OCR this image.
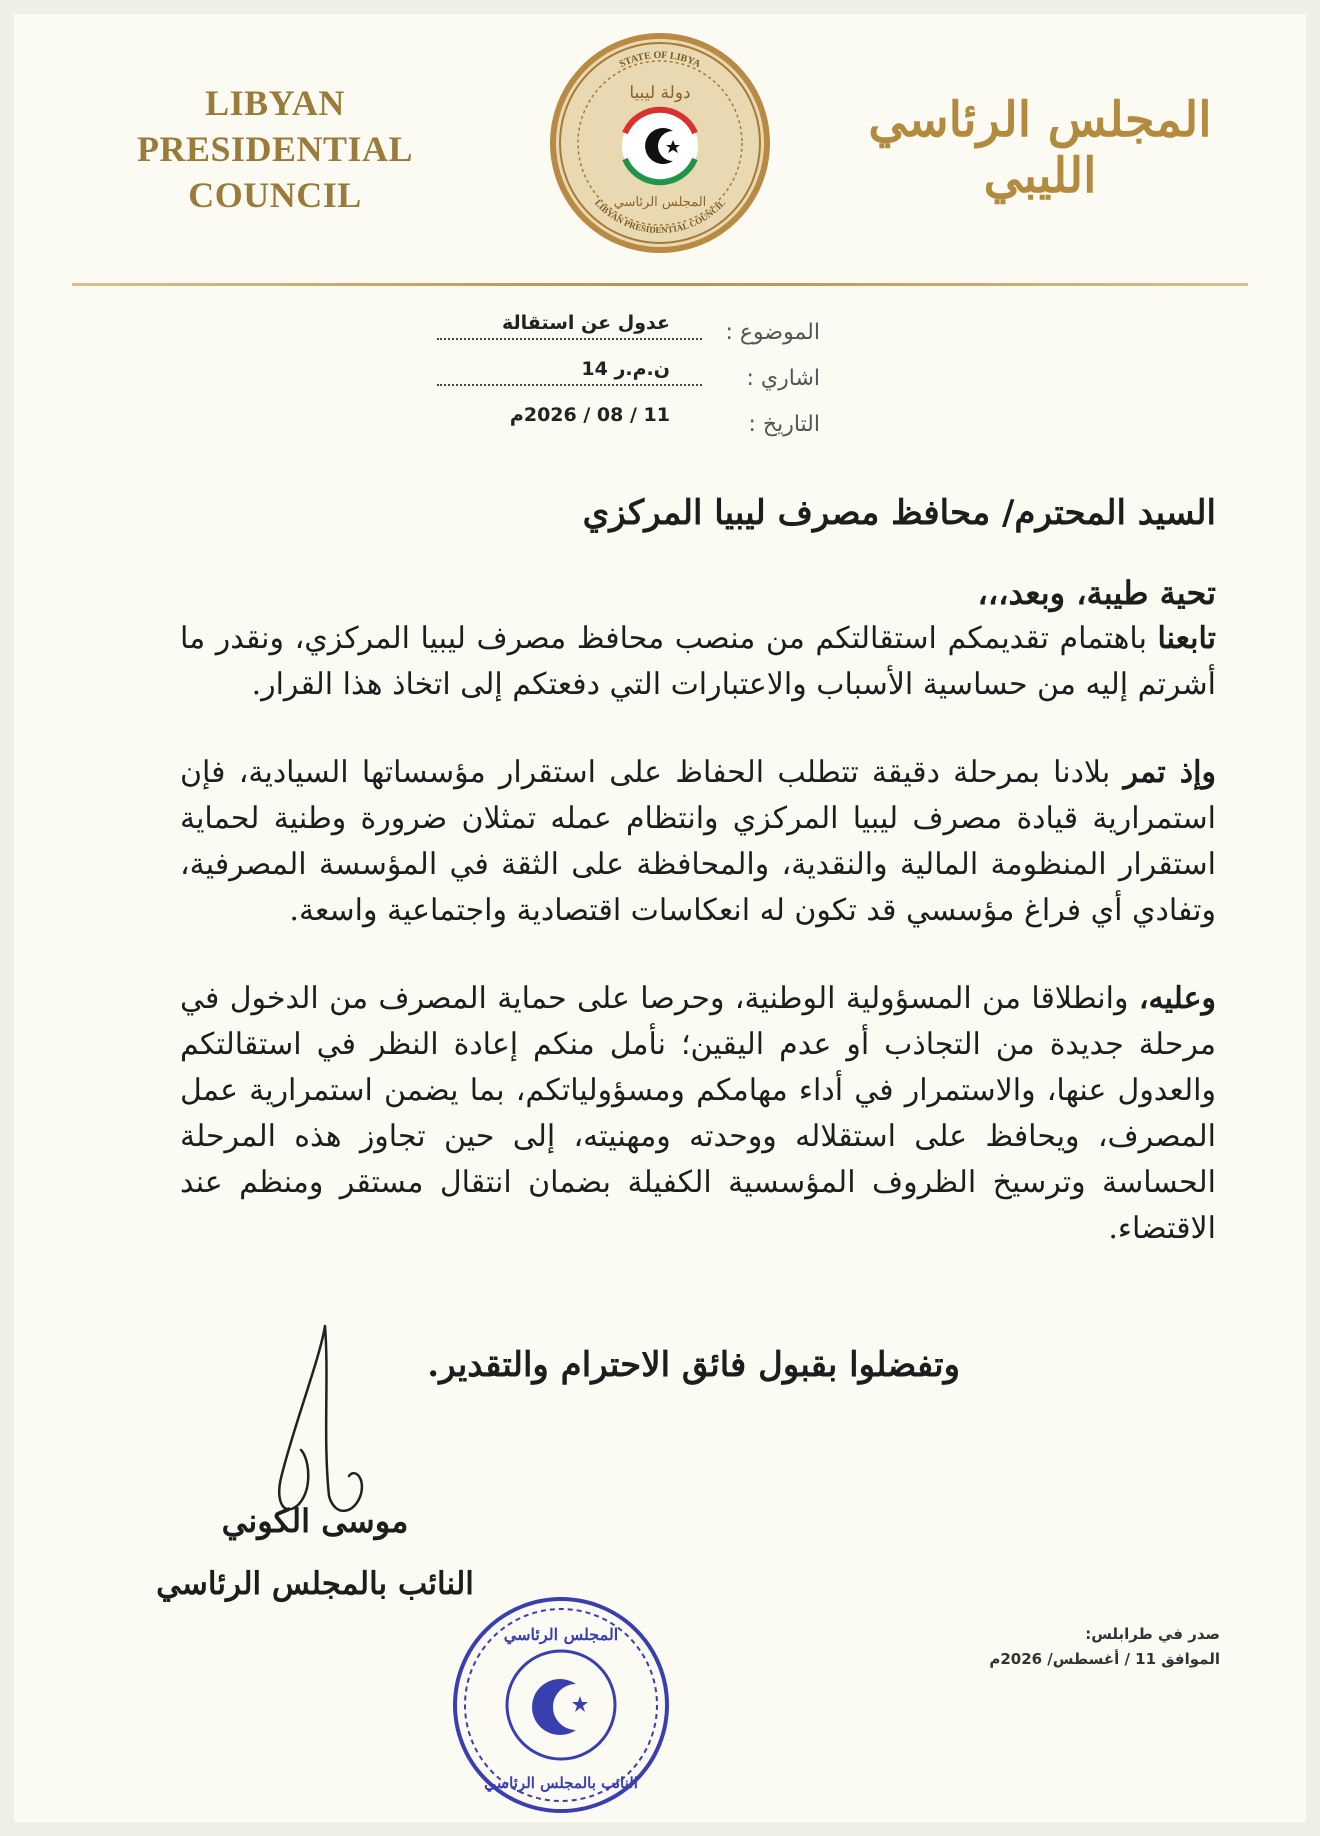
LIBYAN PRESIDENTIAL COUNCIL
STATE OF LIBYA
LIBYAN PRESIDENTIAL COUNCIL
دولة ليبيا
المجلس الرئاسي
المجلس الرئاسي الليبي
الموضوع :
عدول عن استقالة
اشاري :
ن.م.ر 14
التاريخ :
11 / 08 / 2026م

السيد المحترم/ محافظ مصرف ليبيا المركزي

تحية طيبة، وبعد،،،

تابعنا باهتمام تقديمكم استقالتكم من منصب محافظ مصرف ليبيا المركزي، ونقدر ما أشرتم إليه من حساسية الأسباب والاعتبارات التي دفعتكم إلى اتخاذ هذا القرار.

وإذ تمر بلادنا بمرحلة دقيقة تتطلب الحفاظ على استقرار مؤسساتها السيادية، فإن استمرارية قيادة مصرف ليبيا المركزي وانتظام عمله تمثلان ضرورة وطنية لحماية استقرار المنظومة المالية والنقدية، والمحافظة على الثقة في المؤسسة المصرفية، وتفادي أي فراغ مؤسسي قد تكون له انعكاسات اقتصادية واجتماعية واسعة.

وعليه، وانطلاقا من المسؤولية الوطنية، وحرصا على حماية المصرف من الدخول في مرحلة جديدة من التجاذب أو عدم اليقين؛ نأمل منكم إعادة النظر في استقالتكم والعدول عنها، والاستمرار في أداء مهامكم ومسؤولياتكم، بما يضمن استمرارية عمل المصرف، ويحافظ على استقلاله ووحدته ومهنيته، إلى حين تجاوز هذه المرحلة الحساسة وترسيخ الظروف المؤسسية الكفيلة بضمان انتقال مستقر ومنظم عند الاقتضاء.

وتفضلوا بقبول فائق الاحترام والتقدير.
موسى الكوني
النائب بالمجلس الرئاسي
المجلس الرئاسي
النائب بالمجلس الرئاسي
صدر في طرابلس:
الموافق 11 / أغسطس/ 2026م
